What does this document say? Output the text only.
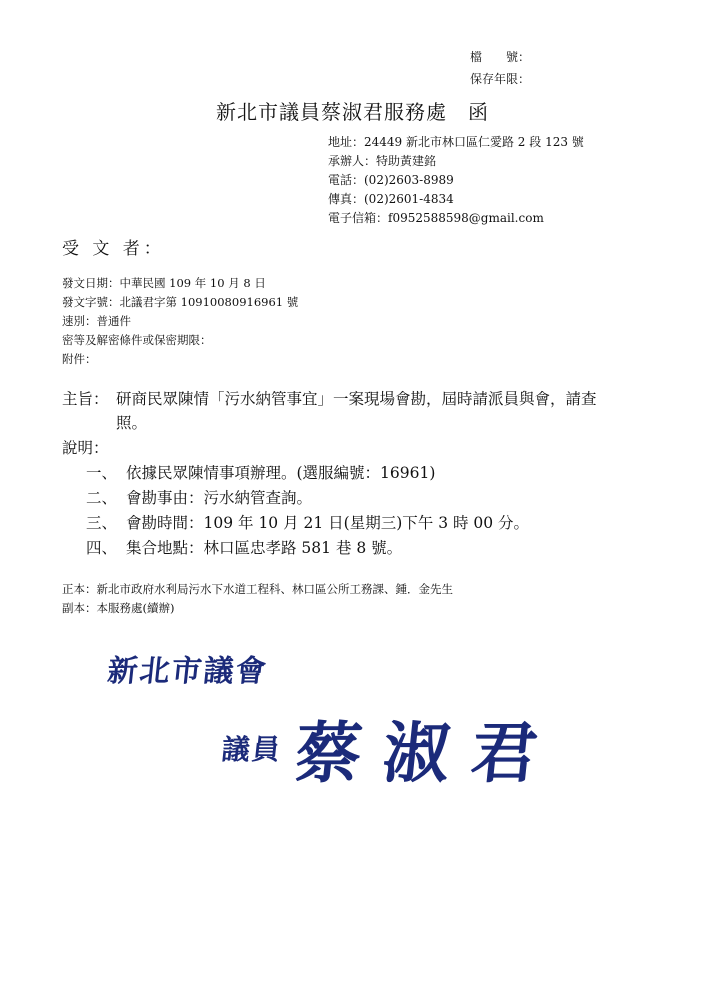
檔　　號：
保存年限：
新北市議員蔡淑君服務處　函
地址：24449 新北市林口區仁愛路 2 段 123 號
承辦人：特助黃建銘
電話：(02)2603-8989
傳真：(02)2601-4834
電子信箱：f0952588598@gmail.com
受 文 者：
發文日期：中華民國 109 年 10 月 8 日
發文字號：北議君字第 10910080916961 號
速別：普通件
密等及解密條件或保密期限：
附件：
主旨： 研商民眾陳情「污水納管事宜」一案現場會勘，屆時請派員與會，請查
照。
說明：
一、 依據民眾陳情事項辦理。(選服編號：16961)
二、 會勘事由：污水納管查詢。
三、 會勘時間：109 年 10 月 21 日(星期三)下午 3 時 00 分。
四、 集合地點：林口區忠孝路 581 巷 8 號。
正本：新北市政府水利局污水下水道工程科、林口區公所工務課、鍾．金先生
副本：本服務處(續辦)
新北市議會
議員 蔡淑君
